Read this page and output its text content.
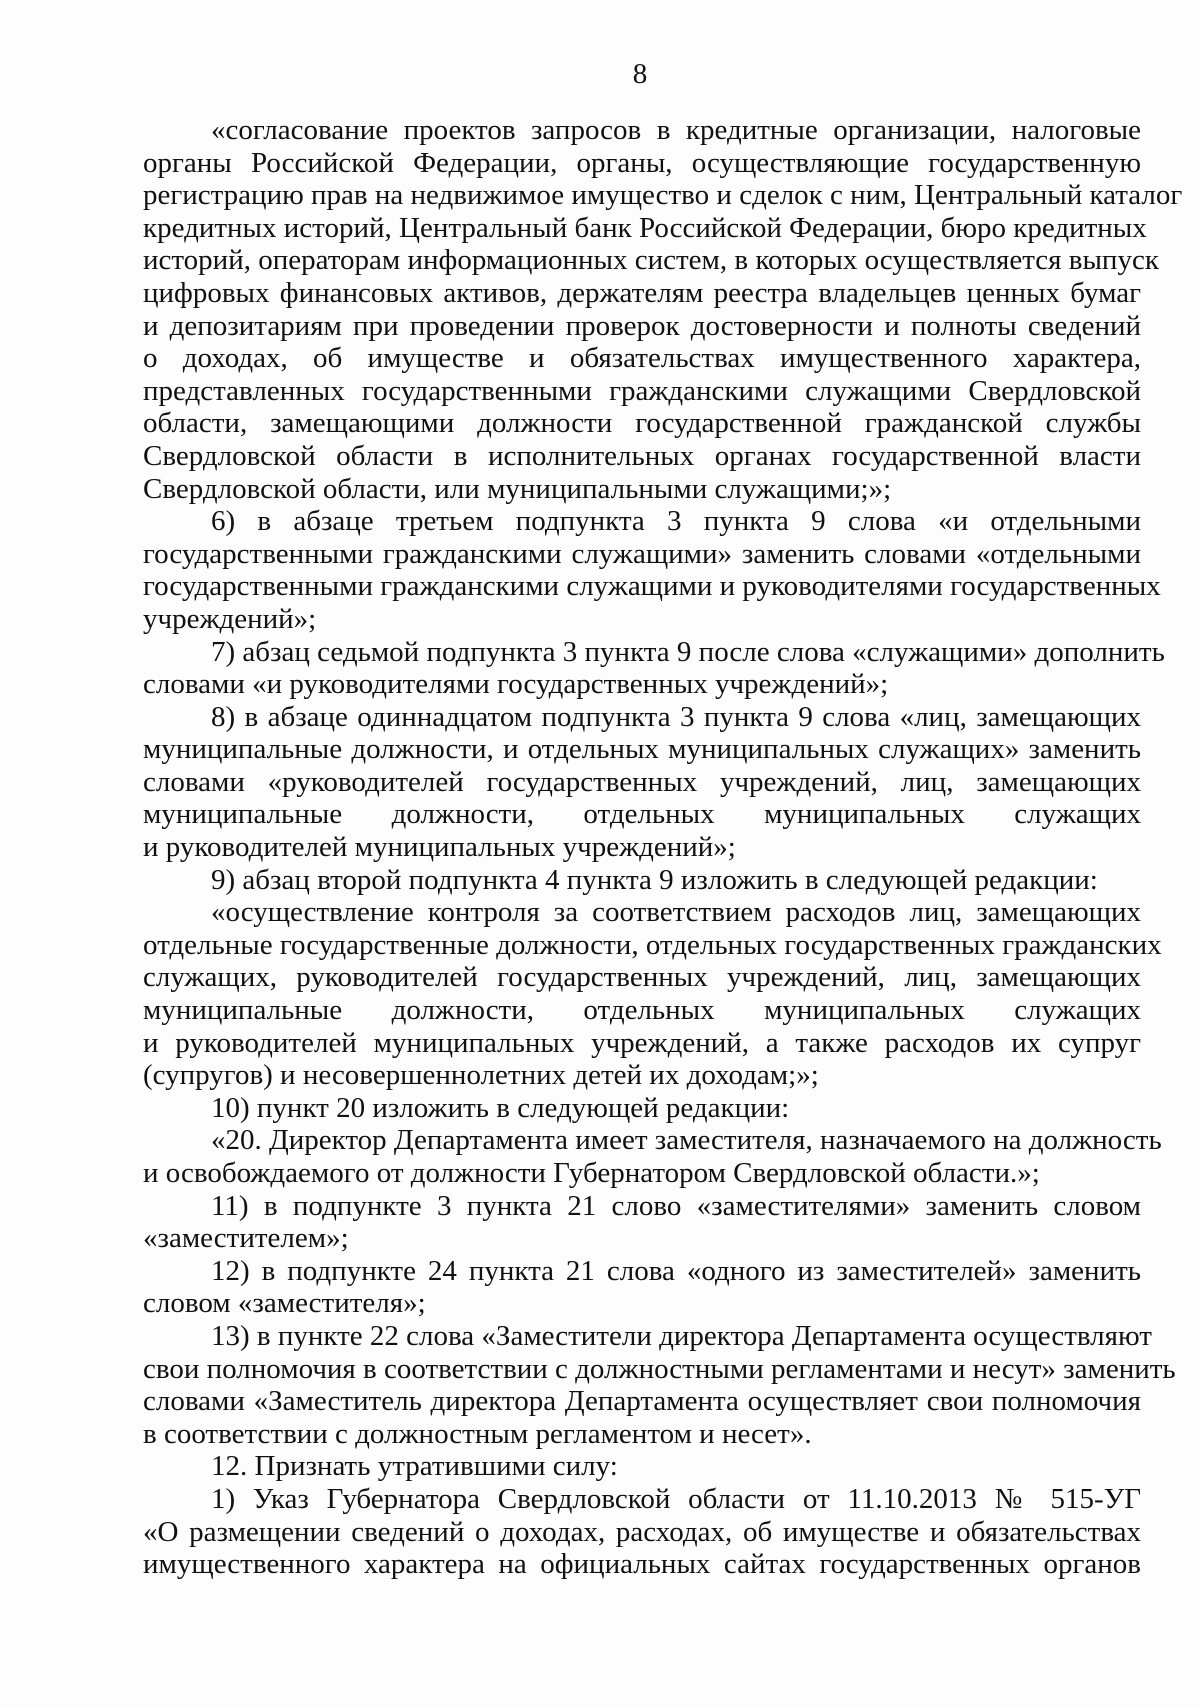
8

«согласование проектов запросов в кредитные организации, налоговые
органы Российской Федерации, органы, осуществляющие государственную
регистрацию прав на недвижимое имущество и сделок с ним, Центральный каталог
кредитных историй, Центральный банк Российской Федерации, бюро кредитных
историй, операторам информационных систем, в которых осуществляется выпуск
цифровых финансовых активов, держателям реестра владельцев ценных бумаг
и депозитариям при проведении проверок достоверности и полноты сведений
о доходах, об имуществе и обязательствах имущественного характера,
представленных государственными гражданскими служащими Свердловской
области, замещающими должности государственной гражданской службы
Свердловской области в исполнительных органах государственной власти
Свердловской области, или муниципальными служащими;»;

6) в абзаце третьем подпункта 3 пункта 9 слова «и отдельными
государственными гражданскими служащими» заменить словами «отдельными
государственными гражданскими служащими и руководителями государственных
учреждений»;

7) абзац седьмой подпункта 3 пункта 9 после слова «служащими» дополнить
словами «и руководителями государственных учреждений»;

8) в абзаце одиннадцатом подпункта 3 пункта 9 слова «лиц, замещающих
муниципальные должности, и отдельных муниципальных служащих» заменить
словами «руководителей государственных учреждений, лиц, замещающих
муниципальные должности, отдельных муниципальных служащих
и руководителей муниципальных учреждений»;

9) абзац второй подпункта 4 пункта 9 изложить в следующей редакции:

«осуществление контроля за соответствием расходов лиц, замещающих
отдельные государственные должности, отдельных государственных гражданских
служащих, руководителей государственных учреждений, лиц, замещающих
муниципальные должности, отдельных муниципальных служащих
и руководителей муниципальных учреждений, а также расходов их супруг
(супругов) и несовершеннолетних детей их доходам;»;

10) пункт 20 изложить в следующей редакции:

«20. Директор Департамента имеет заместителя, назначаемого на должность
и освобождаемого от должности Губернатором Свердловской области.»;

11) в подпункте 3 пункта 21 слово «заместителями» заменить словом
«заместителем»;

12) в подпункте 24 пункта 21 слова «одного из заместителей» заменить
словом «заместителя»;

13) в пункте 22 слова «Заместители директора Департамента осуществляют
свои полномочия в соответствии с должностными регламентами и несут» заменить
словами «Заместитель директора Департамента осуществляет свои полномочия
в соответствии с должностным регламентом и несет».

12. Признать утратившими силу:

1) Указ Губернатора Свердловской области от 11.10.2013 № 515-УГ
«О размещении сведений о доходах, расходах, об имуществе и обязательствах
имущественного характера на официальных сайтах государственных органов
